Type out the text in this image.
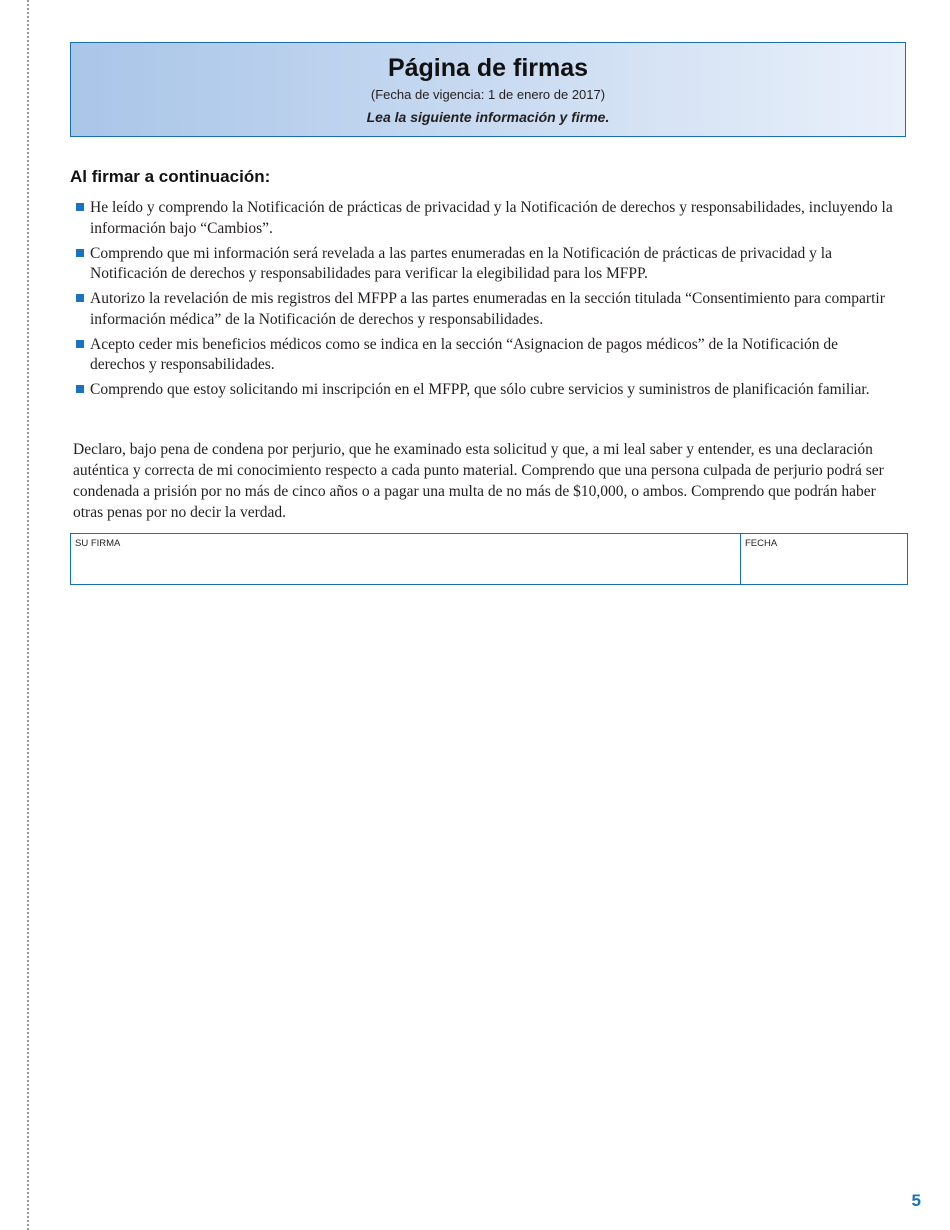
Página de firmas
(Fecha de vigencia: 1 de enero de 2017)
Lea la siguiente información y firme.
Al firmar a continuación:
He leído y comprendo la Notificación de prácticas de privacidad y la Notificación de derechos y responsabilidades, incluyendo la información bajo “Cambios”.
Comprendo que mi información será revelada a las partes enumeradas en la Notificación de prácticas de privacidad y la Notificación de derechos y responsabilidades para verificar la elegibilidad para los MFPP.
Autorizo la revelación de mis registros del MFPP a las partes enumeradas en la sección titulada “Consentimiento para compartir información médica” de la Notificación de derechos y responsabilidades.
Acepto ceder mis beneficios médicos como se indica en la sección “Asignacion de pagos médicos” de la Notificación de derechos y responsabilidades.
Comprendo que estoy solicitando mi inscripción en el MFPP, que sólo cubre servicios y suministros de planificación familiar.

Declaro, bajo pena de condena por perjurio, que he examinado esta solicitud y que, a mi leal saber y entender, es una declaración auténtica y correcta de mi conocimiento respecto a cada punto material. Comprendo que una persona culpada de perjurio podrá ser condenada a prisión por no más de cinco años o a pagar una multa de no más de $10,000, o ambos. Comprendo que podrán haber otras penas por no decir la verdad.

SU FIRMA	FECHA
5
